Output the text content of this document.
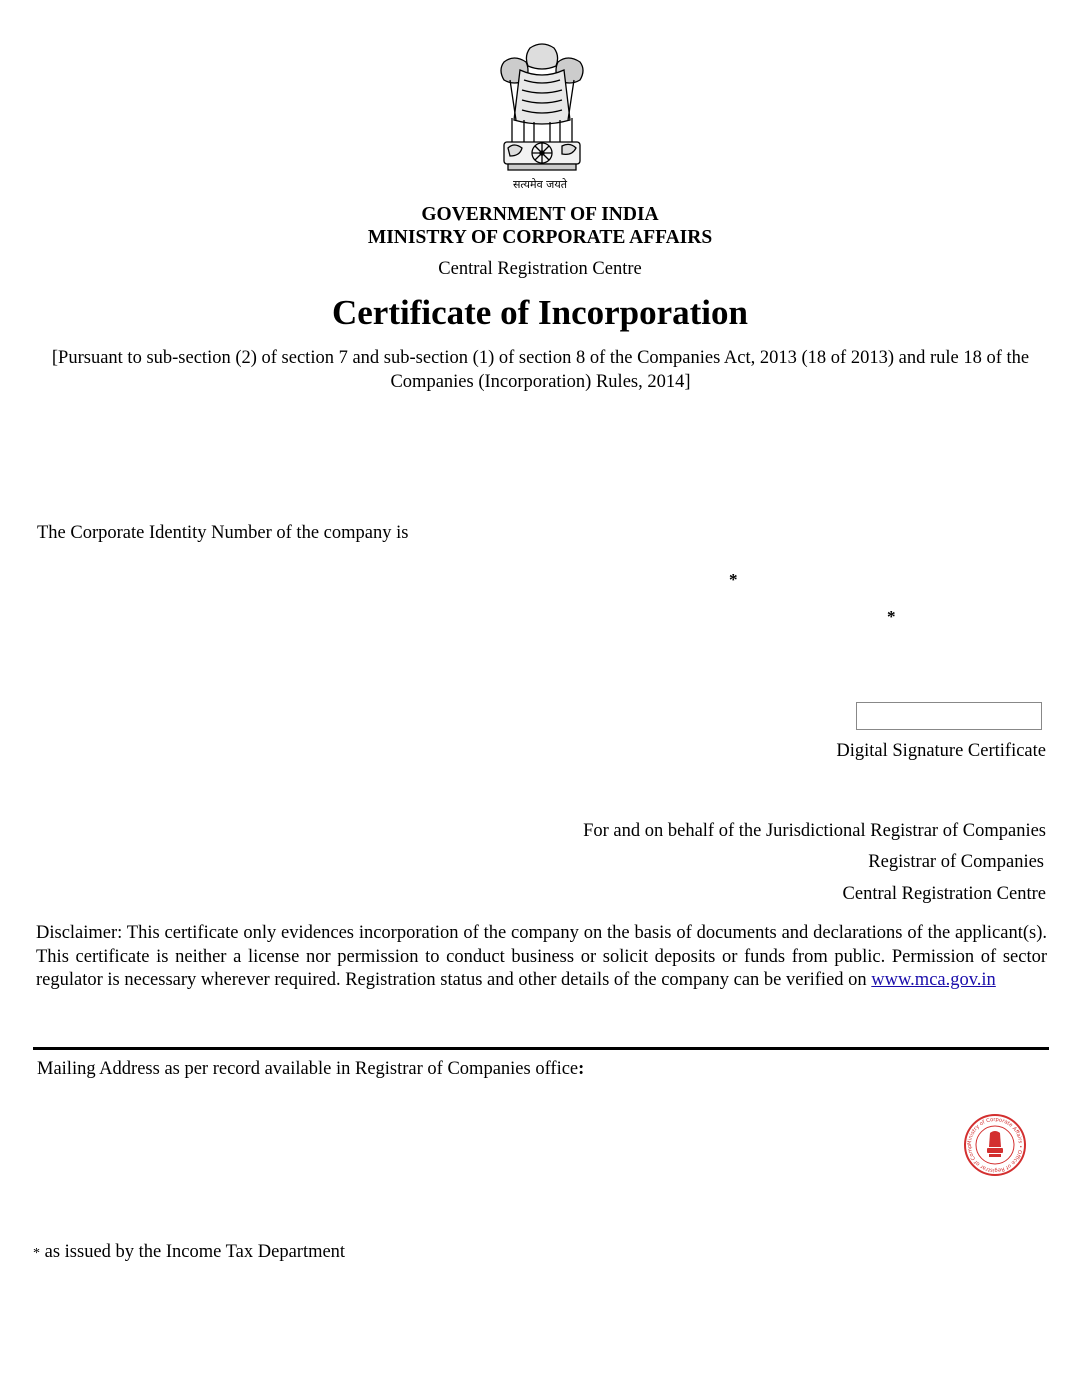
सत्यमेव जयते
GOVERNMENT OF INDIA
MINISTRY OF CORPORATE AFFAIRS
Central Registration Centre
Certificate of Incorporation
[Pursuant to sub-section (2) of section 7 and sub-section (1) of section 8 of the Companies Act, 2013 (18 of 2013) and rule 18 of the Companies (Incorporation) Rules, 2014]
The Corporate Identity Number of the company is
*
*
Digital Signature Certificate
For and on behalf of the Jurisdictional Registrar of Companies
Registrar of Companies
Central Registration Centre
Disclaimer: This certificate only evidences incorporation of the company on the basis of documents and declarations of the applicant(s). This certificate is neither a license nor permission to conduct business or solicit deposits or funds from public. Permission of sector regulator is necessary wherever required. Registration status and other details of the company can be verified on www.mca.gov.in
Mailing Address as per record available in Registrar of Companies office:
Ministry of Corporate Affairs • Office of Registrar of Comp
* as issued by the Income Tax Department
